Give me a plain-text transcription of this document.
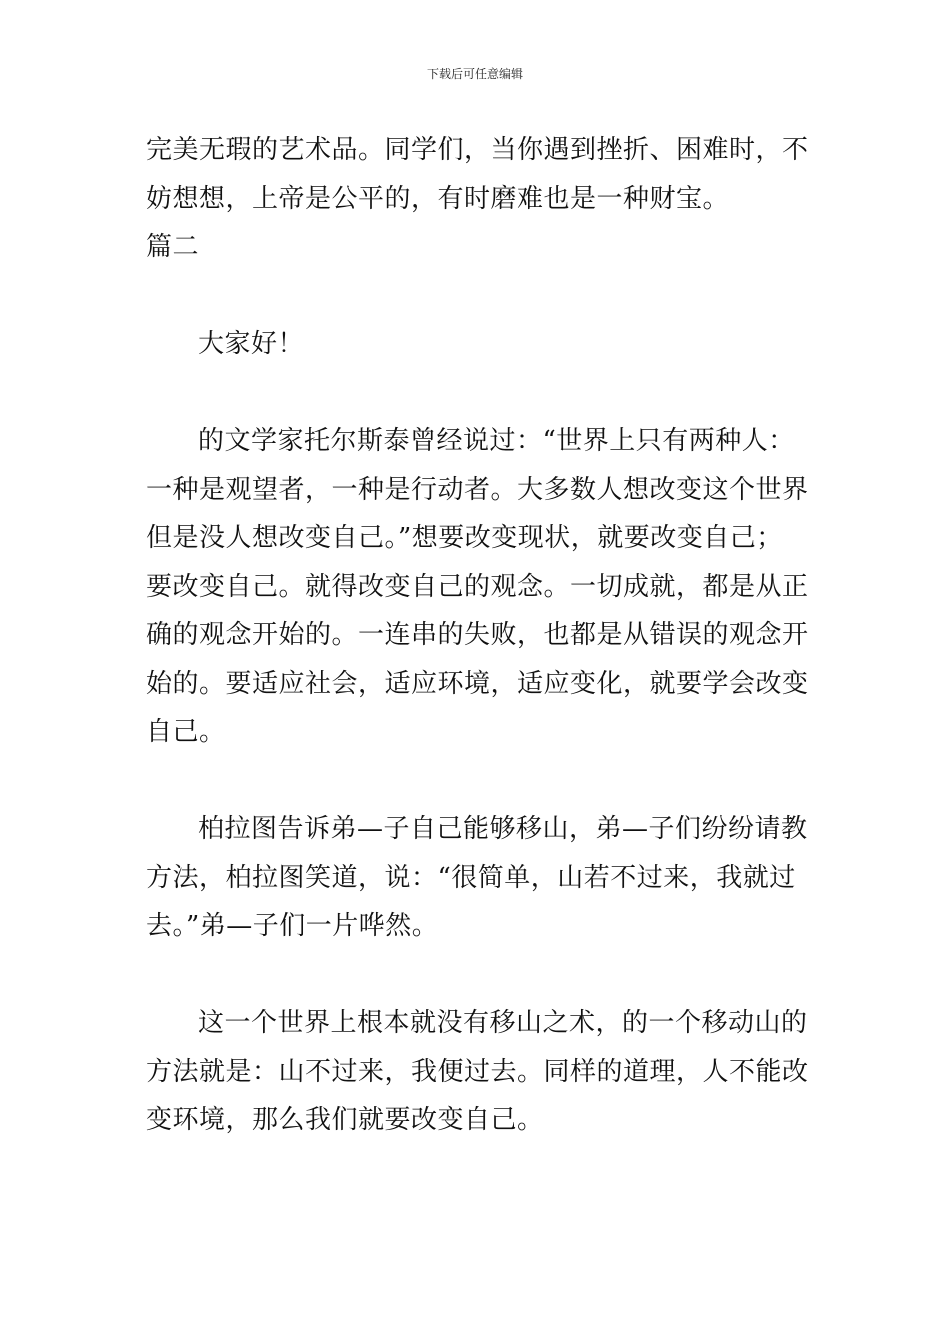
下载后可任意编辑
完美无瑕的艺术品。同学们，当你遇到挫折、困难时，不
妨想想，上帝是公平的，有时磨难也是一种财宝。
篇二
大家好！
的文学家托尔斯泰曾经说过：“世界上只有两种人：
一种是观望者，一种是行动者。大多数人想改变这个世界
但是没人想改变自己。”想要改变现状，就要改变自己；
要改变自己。就得改变自己的观念。一切成就，都是从正
确的观念开始的。一连串的失败，也都是从错误的观念开
始的。要适应社会，适应环境，适应变化，就要学会改变
自己。
柏拉图告诉弟—子自己能够移山，弟—子们纷纷请教
方法，柏拉图笑道，说：“很简单，山若不过来，我就过
去。”弟—子们一片哗然。
这一个世界上根本就没有移山之术，的一个移动山的
方法就是：山不过来，我便过去。同样的道理，人不能改
变环境，那么我们就要改变自己。
